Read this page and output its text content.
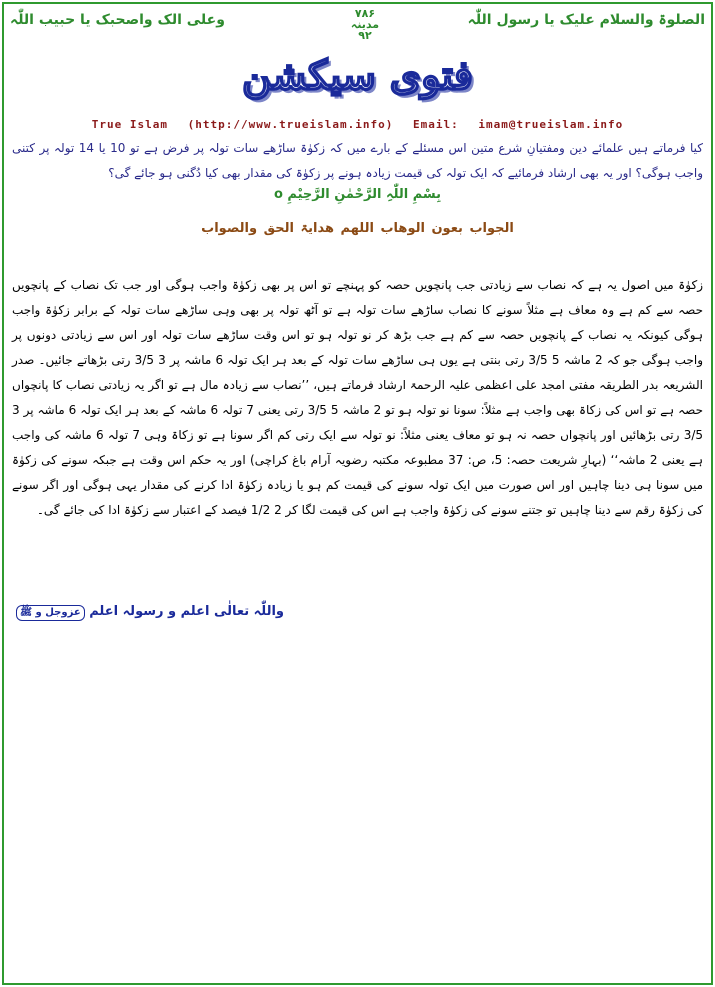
وعلی الک واصحبک یا حبیب اللّٰہ	۷۸۶
مدینہ
۹۲
الصلوۃ والسلام علیک یا رسول اللّٰہ
فتوی سیکشن
True Islam (http://www.trueislam.info) Email: imam@trueislam.info
کیا فرماتے ہیں علمائے دین ومفتیانِ شرع متین اس مسئلے کے بارے میں کہ زکوٰۃ ساڑھے سات تولہ پر فرض ہے تو 10 یا 14 تولہ پر کتنی واجب ہوگی؟ اور یہ بھی ارشاد فرمائیے کہ ایک تولہ کی قیمت زیادہ ہونے پر زکوٰۃ کی مقدار بھی کیا دُگنی ہو جائے گی؟
بِسْمِ اللّٰہِ الرَّحْمٰنِ الرَّحِیْمِ o
الجواب بعون الوھاب اللھم ھدایۃ الحق والصواب
زکوٰۃ میں اصول یہ ہے کہ نصاب سے زیادتی جب پانچویں حصہ کو پہنچے تو اس پر بھی زکوٰۃ واجب ہوگی اور جب تک نصاب کے پانچویں حصہ سے کم ہے وہ معاف ہے مثلاً سونے کا نصاب ساڑھے سات تولہ ہے تو آٹھ تولہ پر بھی وہی ساڑھے سات تولہ کے برابر زکوٰۃ واجب ہوگی کیونکہ یہ نصاب کے پانچویں حصہ سے کم ہے جب بڑھ کر نو تولہ ہو تو اس وقت ساڑھے سات تولہ اور اس سے زیادتی دونوں پر واجب ہوگی جو کہ 2 ماشہ 5 3/5 رتی بنتی ہے یوں ہی ساڑھے سات تولہ کے بعد ہر ایک تولہ 6 ماشہ پر 3 3/5 رتی بڑھاتے جائیں۔ صدر الشریعہ بدر الطریقہ مفتی امجد علی اعظمی علیہ الرحمۃ ارشاد فرماتے ہیں، ’’نصاب سے زیادہ مال ہے تو اگر یہ زیادتی نصاب کا پانچواں حصہ ہے تو اس کی زکاۃ بھی واجب ہے مثلاً: سونا نو تولہ ہو تو 2 ماشہ 5 3/5 رتی یعنی 7 تولہ 6 ماشہ کے بعد ہر ایک تولہ 6 ماشہ پر 3 3/5 رتی بڑھائیں اور پانچواں حصہ نہ ہو تو معاف یعنی مثلاً: نو تولہ سے ایک رتی کم اگر سونا ہے تو زکاۃ وہی 7 تولہ 6 ماشہ کی واجب ہے یعنی 2 ماشہ‘‘ (بہارِ شریعت حصہ: 5، ص: 37 مطبوعہ مکتبہ رضویہ آرام باغ کراچی) اور یہ حکم اس وقت ہے جبکہ سونے کی زکوٰۃ میں سونا ہی دینا چاہیں اور اس صورت میں ایک تولہ سونے کی قیمت کم ہو یا زیادہ زکوٰۃ ادا کرنے کی مقدار یہی ہوگی اور اگر سونے کی زکوٰۃ رقم سے دینا چاہیں تو جتنے سونے کی زکوٰۃ واجب ہے اس کی قیمت لگا کر 2 1/2 فیصد کے اعتبار سے زکوٰۃ ادا کی جائے گی۔
واللّٰہ تعالٰی اعلم و رسولہ اعلم عزوجل و ﷺ
